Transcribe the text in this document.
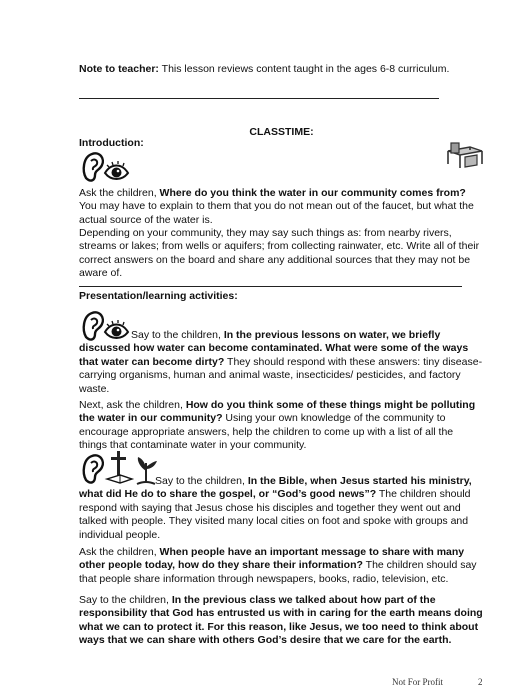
Note to teacher: This lesson reviews content taught in the ages 6-8 curriculum.

CLASSTIME:

Introduction:

Ask the children, Where do you think the water in our community comes from? You may have to explain to them that you do not mean out of the faucet, but what the actual source of the water is.

Depending on your community, they may say such things as: from nearby rivers, streams or lakes; from wells or aquifers; from collecting rainwater, etc. Write all of their correct answers on the board and share any additional sources that they may not be aware of.

Presentation/learning activities:

Say to the children, In the previous lessons on water, we briefly discussed how water can become contaminated. What were some of the ways that water can become dirty? They should respond with these answers: tiny disease-carrying organisms, human and animal waste, insecticides/ pesticides, and factory waste.

Next, ask the children, How do you think some of these things might be polluting the water in our community? Using your own knowledge of the community to encourage appropriate answers, help the children to come up with a list of all the things that contaminate water in your community.

Say to the children, In the Bible, when Jesus started his ministry, what did He do to share the gospel, or “God’s good news”? The children should respond with saying that Jesus chose his disciples and together they went out and talked with people. They visited many local cities on foot and spoke with groups and individual people.

Ask the children, When people have an important message to share with many other people today, how do they share their information? The children should say that people share information through newspapers, books, radio, television, etc.

Say to the children, In the previous class we talked about how part of the responsibility that God has entrusted us with in caring for the earth means doing what we can to protect it. For this reason, like Jesus, we too need to think about ways that we can share with others God’s desire that we care for the earth.

Not For Profit	2
